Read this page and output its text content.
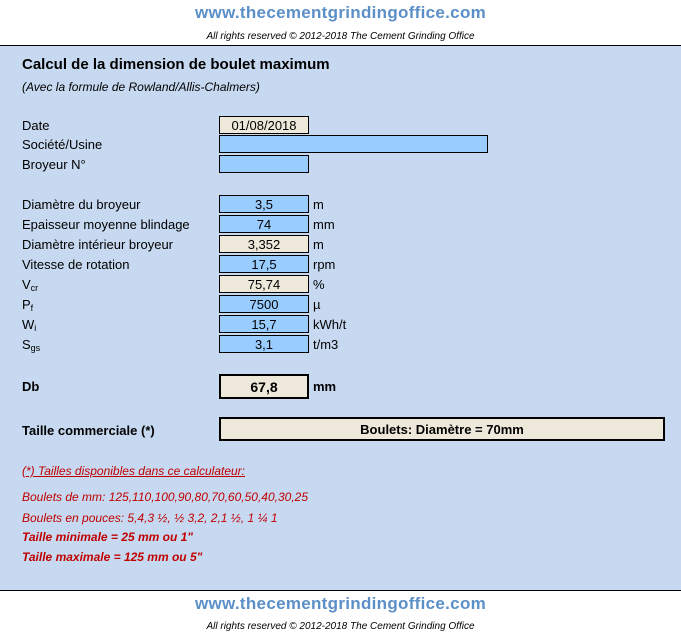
www.thecementgrindingoffice.com
All rights reserved © 2012-2018 The Cement Grinding Office
Calcul de la dimension de boulet maximum
(Avec la formule de Rowland/Allis-Chalmers)
Date	01/08/2018
Société/Usine
Broyeur N°
Diamètre du broyeur	3,5	m
Epaisseur moyenne blindage	74	mm
Diamètre intérieur broyeur	3,352	m
Vitesse de rotation	17,5	rpm
$V_{cr}$	75,74	%
$P_f$	7500	µ
$W_i$	15,7	kWh/t
$S_{gs}$	3,1	t/m3
Db	67,8	mm
Taille commerciale (*)	Boulets: Diamètre = 70mm
(*) Tailles disponibles dans ce calculateur:
Boulets de mm: 125,110,100,90,80,70,60,50,40,30,25
Boulets en pouces: 5,4,3 ½, ½ 3,2, 2,1 ½, 1 ¼ 1
Taille minimale = 25 mm ou 1"
Taille maximale = 125 mm ou 5"
www.thecementgrindingoffice.com
All rights reserved © 2012-2018 The Cement Grinding Office
